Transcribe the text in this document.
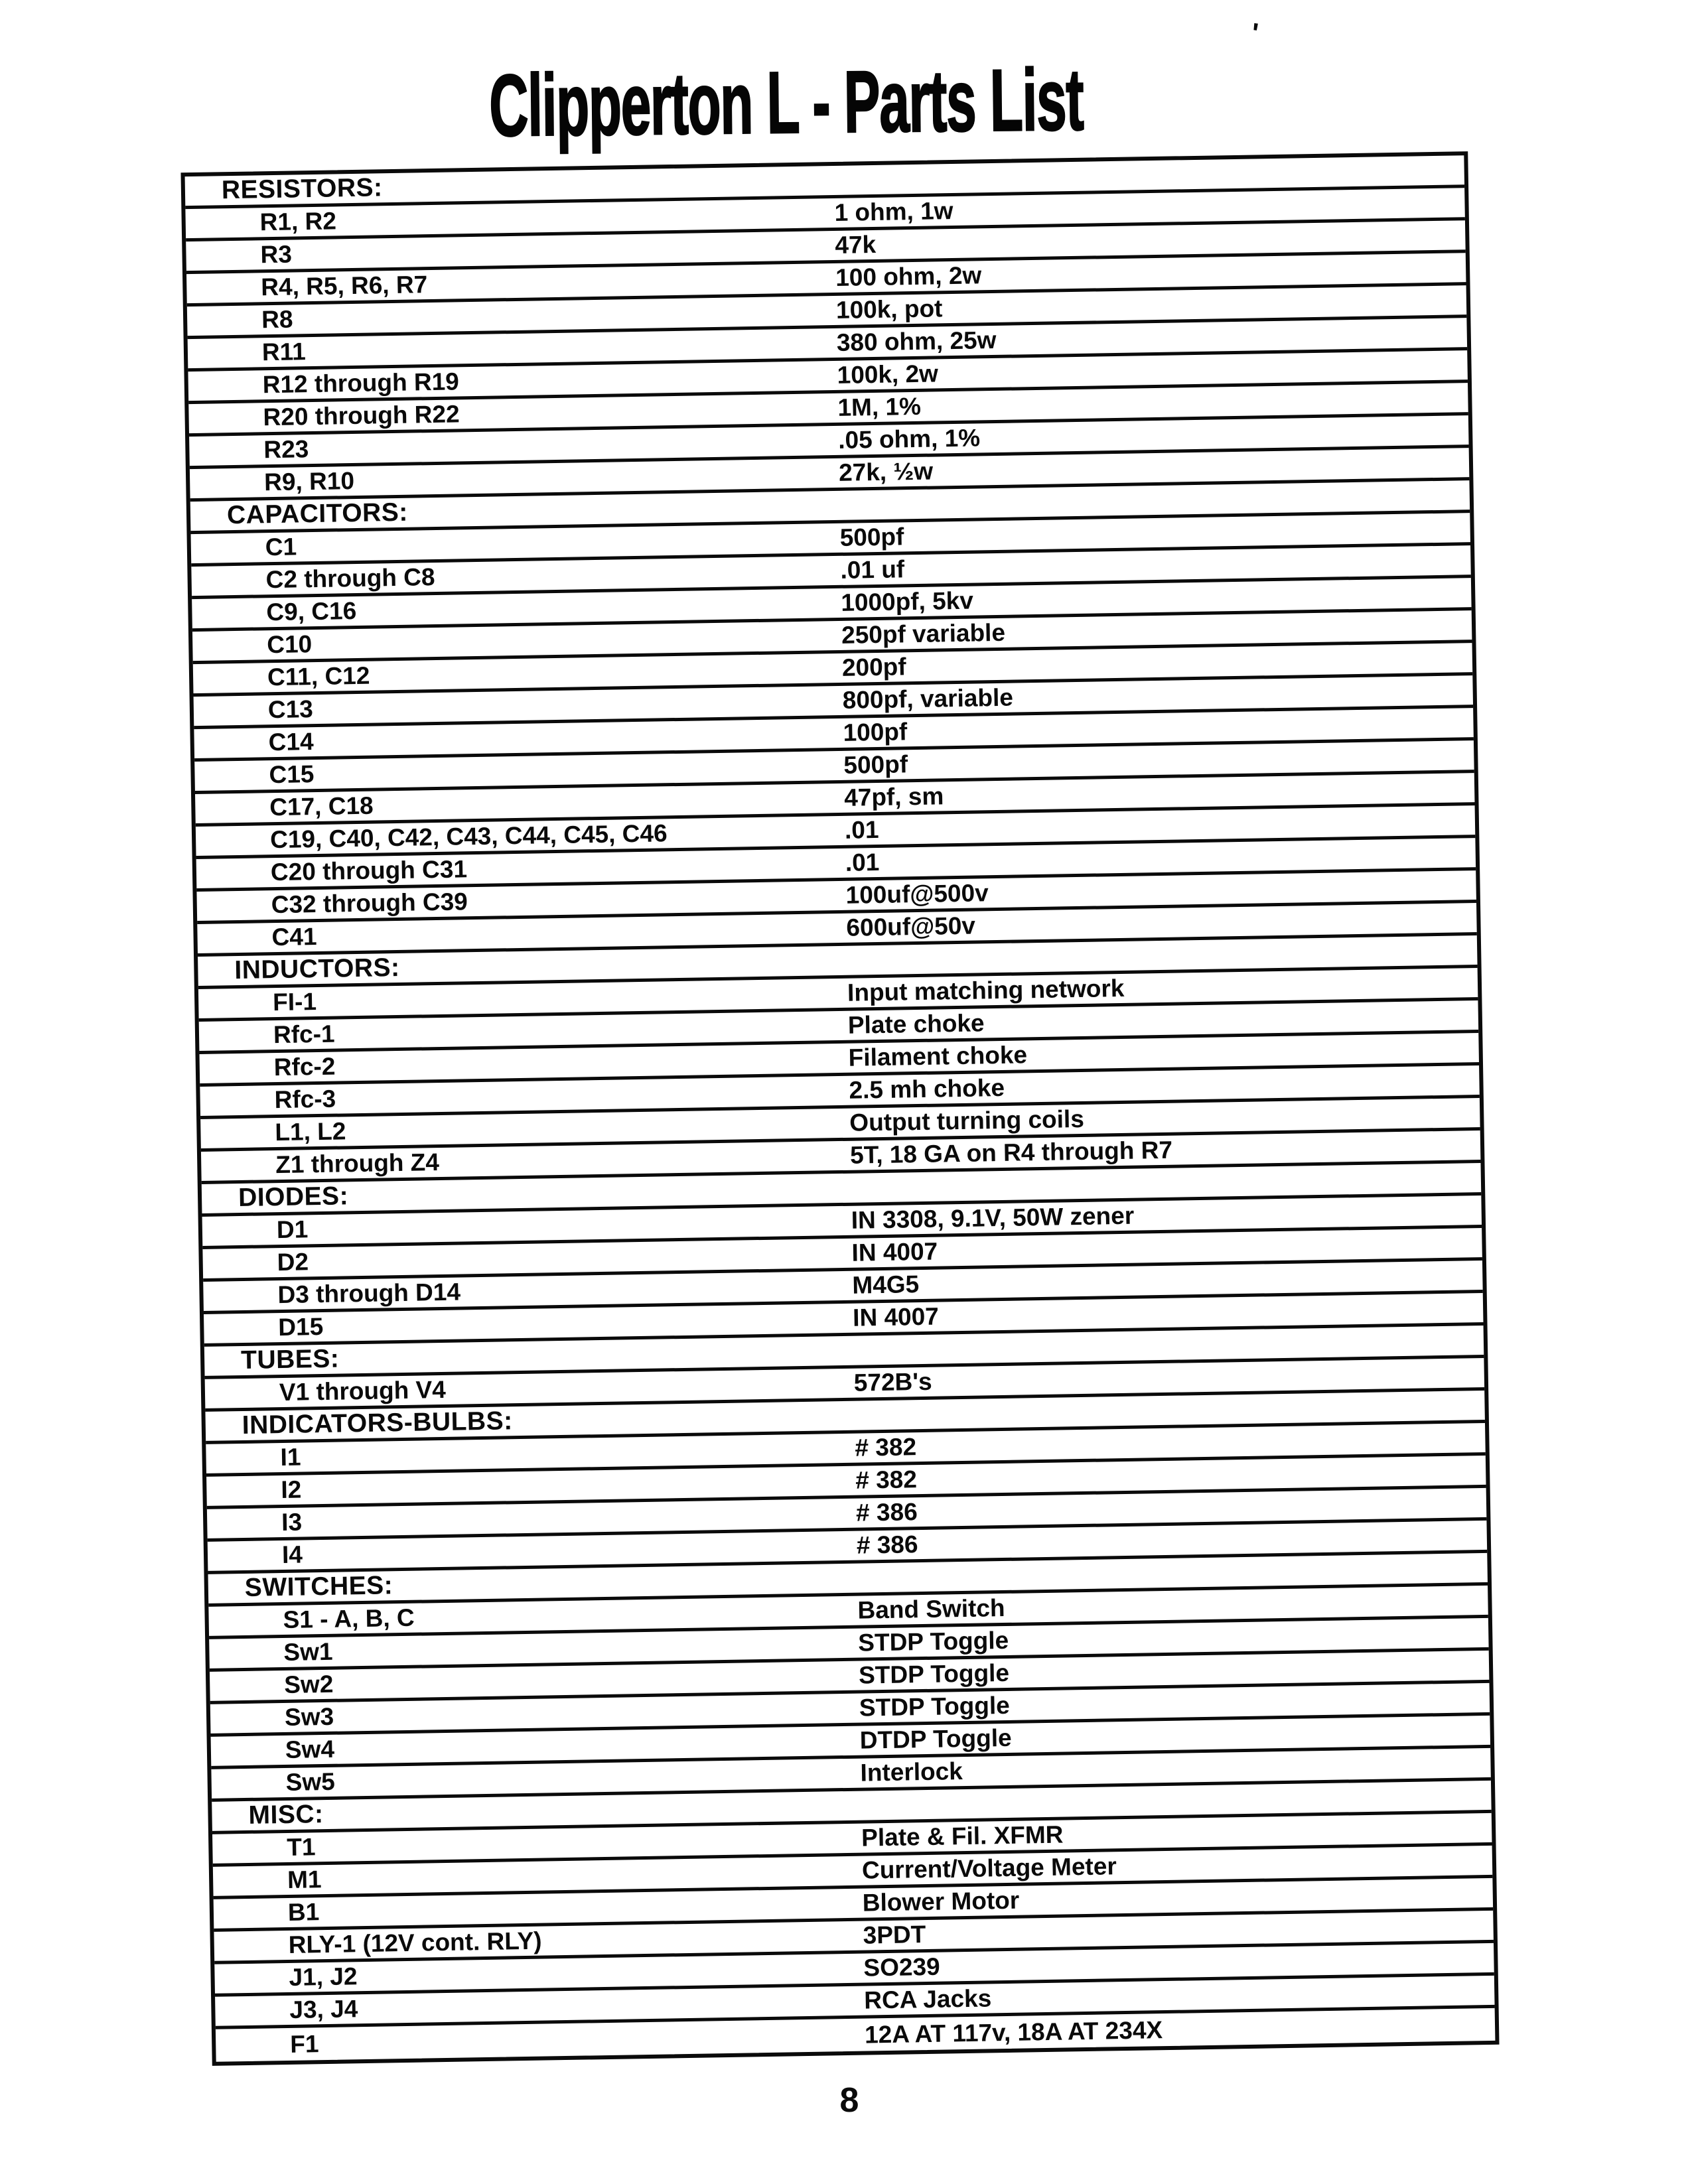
'
Clipperton L - Parts List
RESISTORS:
R1, R2	1 ohm, 1w
R3	47k
R4, R5, R6, R7	100 ohm, 2w
R8	100k, pot
R11	380 ohm, 25w
R12 through R19	100k, 2w
R20 through R22	1M, 1%
R23	.05 ohm, 1%
R9, R10	27k, ½w
CAPACITORS:
C1	500pf
C2 through C8	.01 uf
C9, C16	1000pf, 5kv
C10	250pf variable
C11, C12	200pf
C13	800pf, variable
C14	100pf
C15	500pf
C17, C18	47pf, sm
C19, C40, C42, C43, C44, C45, C46	.01
C20 through C31	.01
C32 through C39	100uf@500v
C41	600uf@50v
INDUCTORS:
FI-1	Input matching network
Rfc-1	Plate choke
Rfc-2	Filament choke
Rfc-3	2.5 mh choke
L1, L2	Output turning coils
Z1 through Z4	5T, 18 GA on R4 through R7
DIODES:
D1	IN 3308, 9.1V, 50W zener
D2	IN 4007
D3 through D14	M4G5
D15	IN 4007
TUBES:
V1 through V4	572B's
INDICATORS-BULBS:
I1	# 382
I2	# 382
I3	# 386
I4	# 386
SWITCHES:
S1 - A, B, C	Band Switch
Sw1	STDP Toggle
Sw2	STDP Toggle
Sw3	STDP Toggle
Sw4	DTDP Toggle
Sw5	Interlock
MISC:
T1	Plate & Fil. XFMR
M1	Current/Voltage Meter
B1	Blower Motor
RLY-1 (12V cont. RLY)	3PDT
J1, J2	SO239
J3, J4	RCA Jacks
F1	12A AT 117v, 18A AT 234X
8
